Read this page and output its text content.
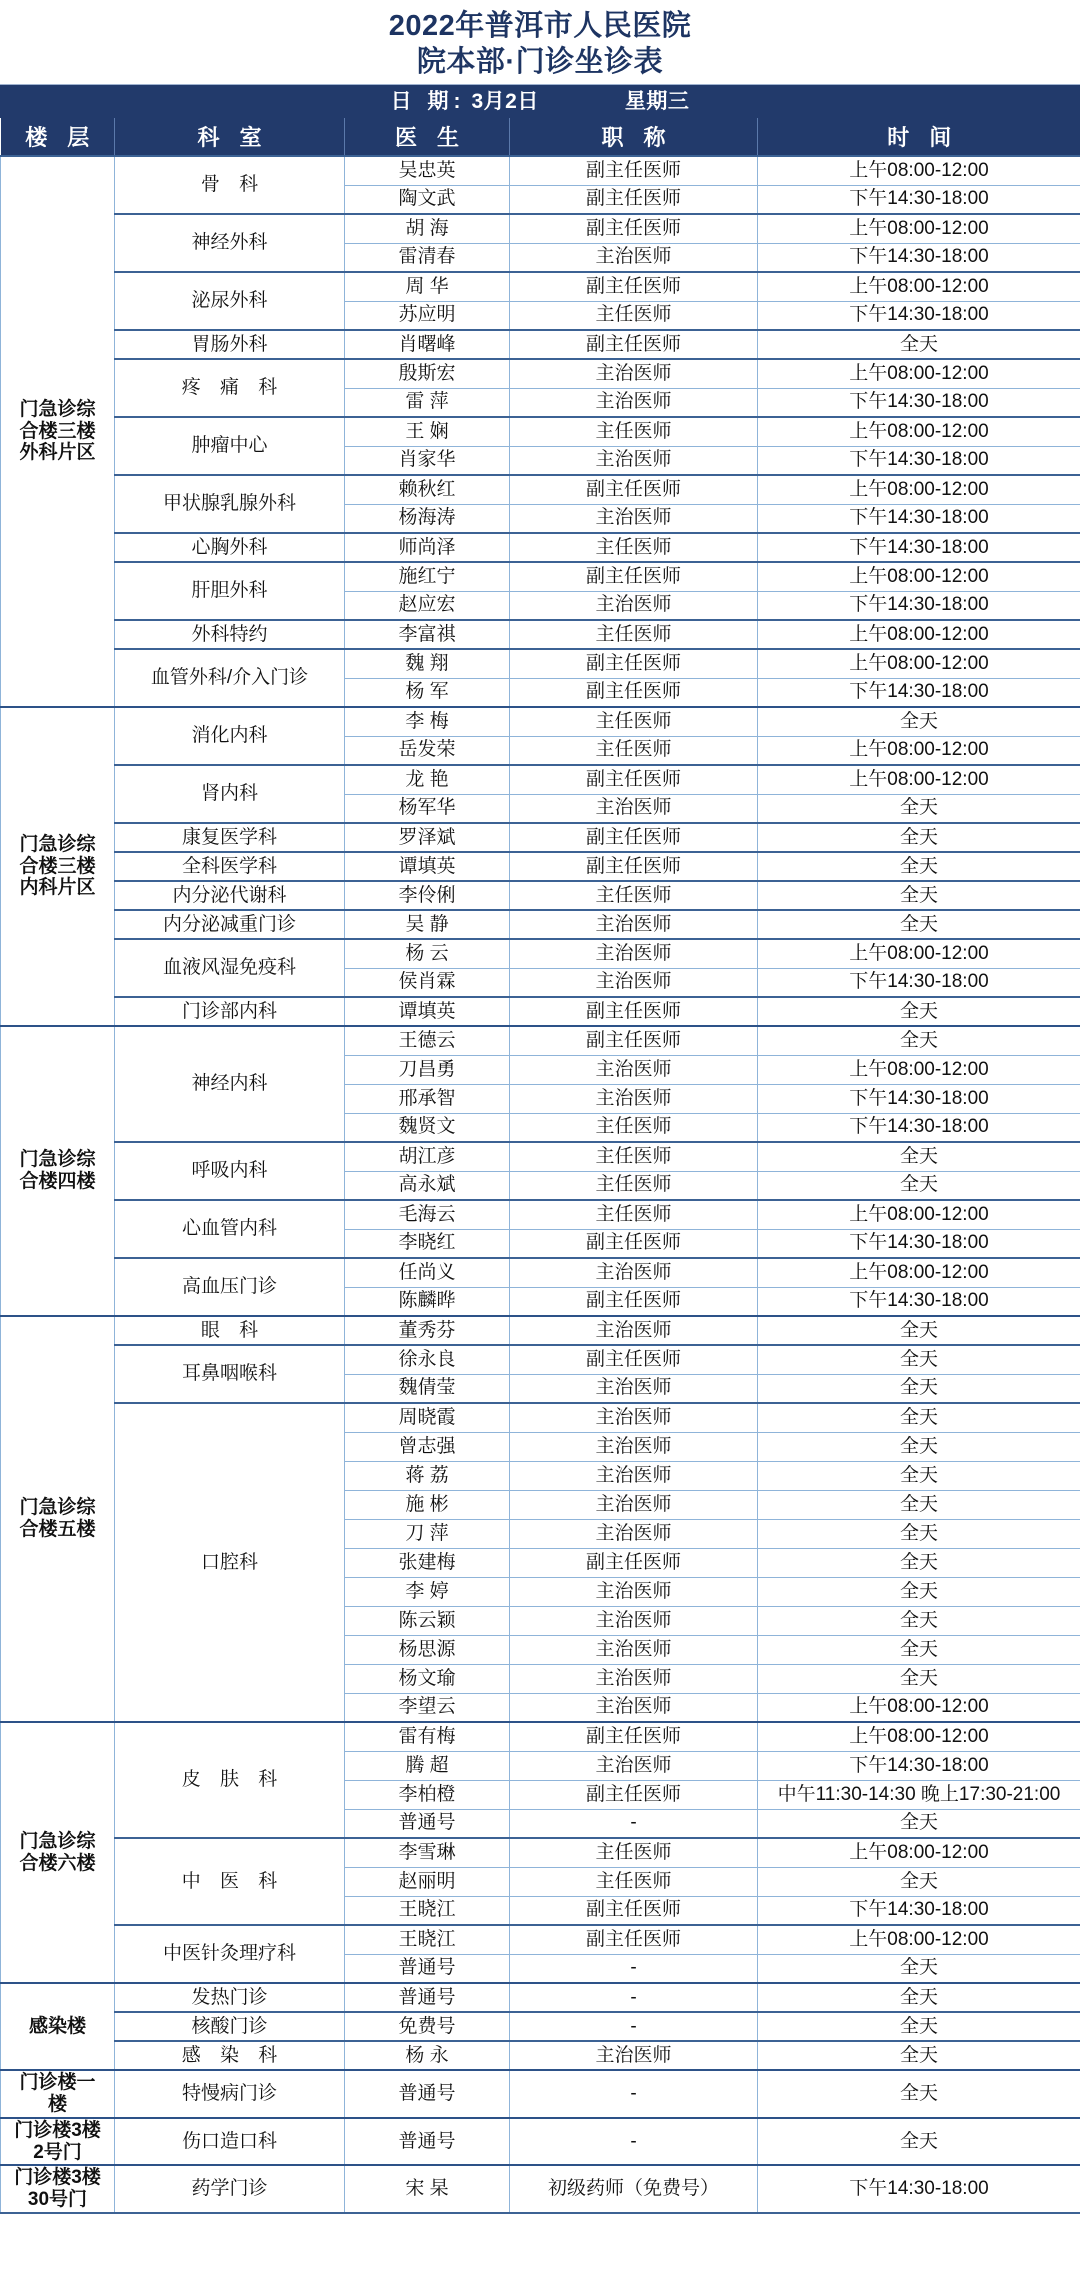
2022年普洱市人民医院
院本部·门诊坐诊表
日 期: 3月2日	星期三
楼 层	科 室	医 生	职 称	时 间
门急诊综
合楼三楼
外科片区	骨 科	吴忠英	副主任医师	上午08:00-12:00
		陶文武	副主任医师	下午14:30-18:00
	神经外科	胡 海	副主任医师	上午08:00-12:00
		雷清春	主治医师	下午14:30-18:00
	泌尿外科	周 华	副主任医师	上午08:00-12:00
		苏应明	主任医师	下午14:30-18:00
	胃肠外科	肖曙峰	副主任医师	全天
	疼 痛 科	殷斯宏	主治医师	上午08:00-12:00
		雷 萍	主治医师	下午14:30-18:00
	肿瘤中心	王 娴	主任医师	上午08:00-12:00
		肖家华	主治医师	下午14:30-18:00
	甲状腺乳腺外科	赖秋红	副主任医师	上午08:00-12:00
		杨海涛	主治医师	下午14:30-18:00
	心胸外科	师尚泽	主任医师	下午14:30-18:00
	肝胆外科	施红宁	副主任医师	上午08:00-12:00
		赵应宏	主治医师	下午14:30-18:00
	外科特约	李富祺	主任医师	上午08:00-12:00
	血管外科/介入门诊	魏 翔	副主任医师	上午08:00-12:00
		杨 军	副主任医师	下午14:30-18:00
门急诊综
合楼三楼
内科片区	消化内科	李 梅	主任医师	全天
		岳发荣	主任医师	上午08:00-12:00
	肾内科	龙 艳	副主任医师	上午08:00-12:00
		杨军华	主治医师	全天
	康复医学科	罗泽斌	副主任医师	全天
	全科医学科	谭填英	副主任医师	全天
	内分泌代谢科	李伶俐	主任医师	全天
	内分泌减重门诊	吴 静	主治医师	全天
	血液风湿免疫科	杨 云	主治医师	上午08:00-12:00
		侯肖霖	主治医师	下午14:30-18:00
	门诊部内科	谭填英	副主任医师	全天
门急诊综
合楼四楼	神经内科	王德云	副主任医师	全天
		刀昌勇	主治医师	上午08:00-12:00
		邢承智	主治医师	下午14:30-18:00
		魏贤文	主任医师	下午14:30-18:00
	呼吸内科	胡江彦	主任医师	全天
		高永斌	主任医师	全天
	心血管内科	毛海云	主任医师	上午08:00-12:00
		李晓红	副主任医师	下午14:30-18:00
	高血压门诊	任尚义	主治医师	上午08:00-12:00
		陈麟晔	副主任医师	下午14:30-18:00
门急诊综
合楼五楼	眼 科	董秀芬	主治医师	全天
	耳鼻咽喉科	徐永良	副主任医师	全天
		魏倩莹	主治医师	全天
	口腔科	周晓霞	主治医师	全天
		曾志强	主治医师	全天
		蒋 荔	主治医师	全天
		施 彬	主治医师	全天
		刀 萍	主治医师	全天
		张建梅	副主任医师	全天
		李 婷	主治医师	全天
		陈云颖	主治医师	全天
		杨思源	主治医师	全天
		杨文瑜	主治医师	全天
		李望云	主治医师	上午08:00-12:00
门急诊综
合楼六楼	皮 肤 科	雷有梅	副主任医师	上午08:00-12:00
		腾 超	主治医师	下午14:30-18:00
		李柏橙	副主任医师	中午11:30-14:30 晚上17:30-21:00
		普通号	-	全天
	中 医 科	李雪琳	主任医师	上午08:00-12:00
		赵丽明	主任医师	全天
		王晓江	副主任医师	下午14:30-18:00
	中医针灸理疗科	王晓江	副主任医师	上午08:00-12:00
		普通号	-	全天
感染楼	发热门诊	普通号	-	全天
	核酸门诊	免费号	-	全天
	感 染 科	杨 永	主治医师	全天
门诊楼一
楼	特慢病门诊	普通号	-	全天
门诊楼3楼
2号门	伤口造口科	普通号	-	全天
门诊楼3楼
30号门	药学门诊	宋 杲	初级药师（免费号）	下午14:30-18:00
